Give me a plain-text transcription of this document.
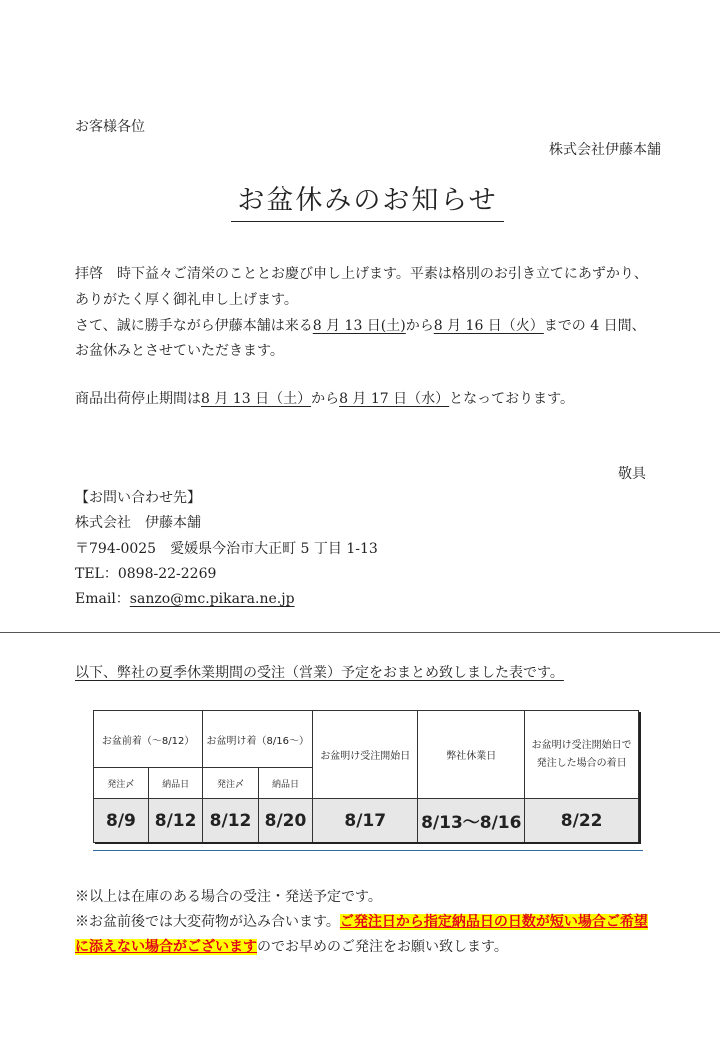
お客様各位
株式会社伊藤本舗
お盆休みのお知らせ
拝啓　時下益々ご清栄のこととお慶び申し上げます。平素は格別のお引き立てにあずかり、
ありがたく厚く御礼申し上げます。
さて、誠に勝手ながら伊藤本舗は来る8 月 13 日(土)から8 月 16 日（火）までの 4 日間、
お盆休みとさせていただきます。
商品出荷停止期間は8 月 13 日（土）から8 月 17 日（水）となっております。
敬具
【お問い合わせ先】
株式会社　伊藤本舗
〒794-0025　愛媛県今治市大正町 5 丁目 1-13
TEL：0898-22-2269
Email：sanzo@mc.pikara.ne.jp
以下、弊社の夏季休業期間の受注（営業）予定をおまとめ致しました表です。
お盆前着（～8/12）		お盆明け着（8/16～）		お盆明け受注開始日	弊社休業日	お盆明け受注開始日で発注した場合の着日
発注〆	納品日	発注〆	納品日			
8/9	8/12	8/12	8/20	8/17	8/13～8/16	8/22
※以上は在庫のある場合の受注・発送予定です。
※お盆前後では大変荷物が込み合います。ご発注日から指定納品日の日数が短い場合ご希望
に添えない場合がございますのでお早めのご発注をお願い致します。
